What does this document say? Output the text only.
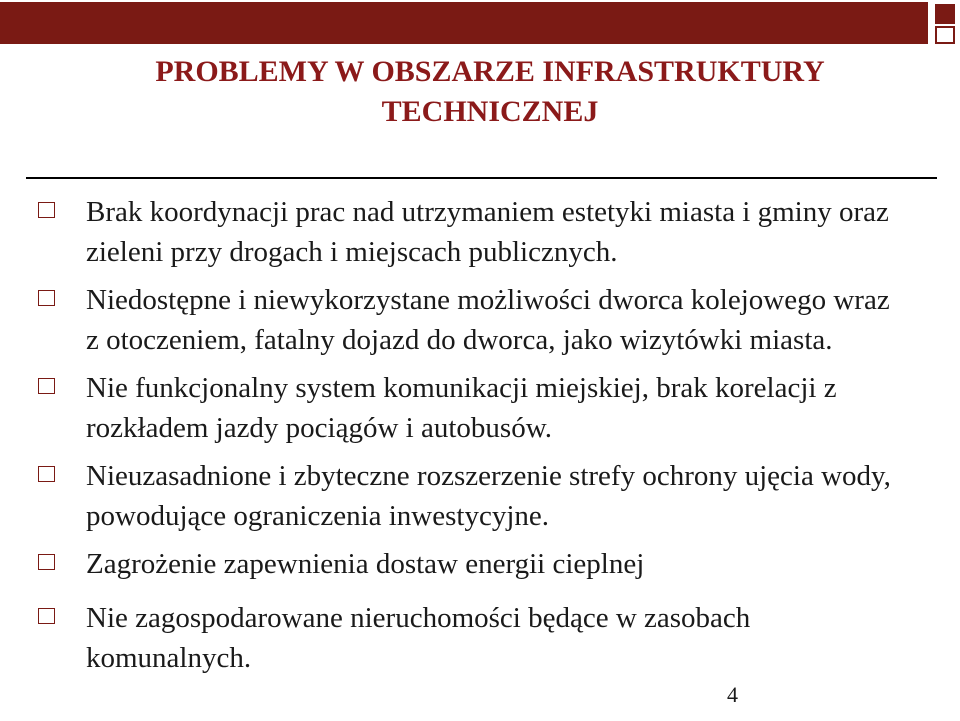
PROBLEMY W OBSZARZE INFRASTRUKTURY
TECHNICZNEJ
Brak koordynacji prac nad utrzymaniem estetyki miasta i gminy oraz zieleni przy drogach i miejscach publicznych.
Niedostępne i niewykorzystane możliwości dworca kolejowego wraz z otoczeniem, fatalny dojazd do dworca, jako wizytówki miasta.
Nie funkcjonalny system komunikacji miejskiej, brak korelacji z rozkładem jazdy pociągów i autobusów.
Nieuzasadnione i zbyteczne rozszerzenie strefy ochrony ujęcia wody, powodujące ograniczenia inwestycyjne.
Zagrożenie zapewnienia dostaw energii cieplnej
Nie zagospodarowane nieruchomości będące w zasobach komunalnych.
4
